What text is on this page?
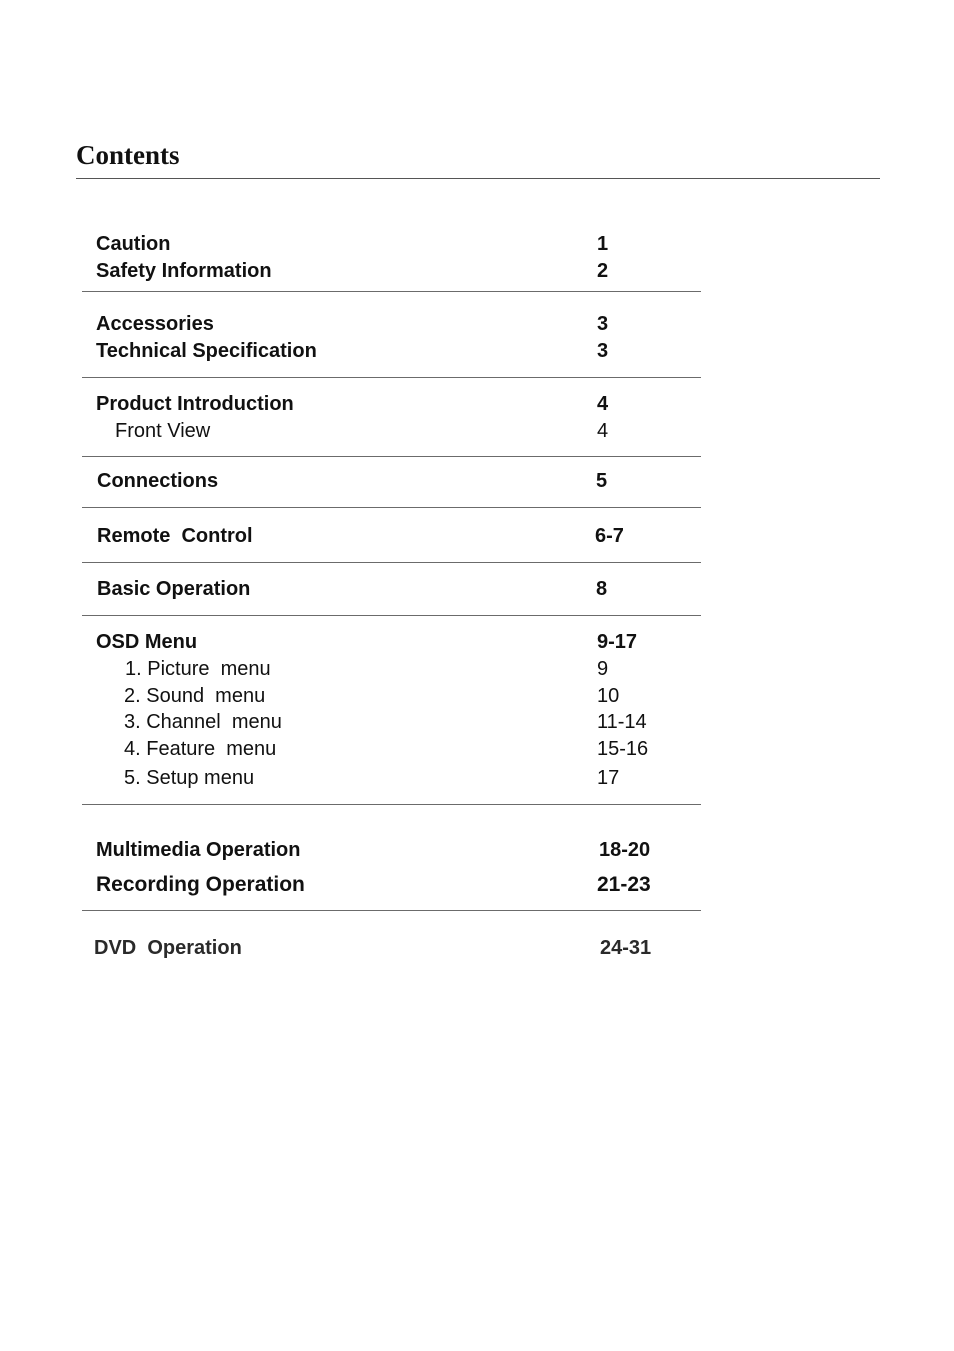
Contents
Caution	1
Safety Information	2
Accessories	3
Technical Specification	3
Product Introduction	4
Front View	4
Connections	5
Remote  Control	6-7
Basic Operation	8
OSD Menu	9-17
1. Picture  menu	9
2. Sound  menu	10
3. Channel  menu	11-14
4. Feature  menu	15-16
5. Setup menu	17
Multimedia Operation	18-20
Recording Operation	21-23
DVD  Operation	24-31
